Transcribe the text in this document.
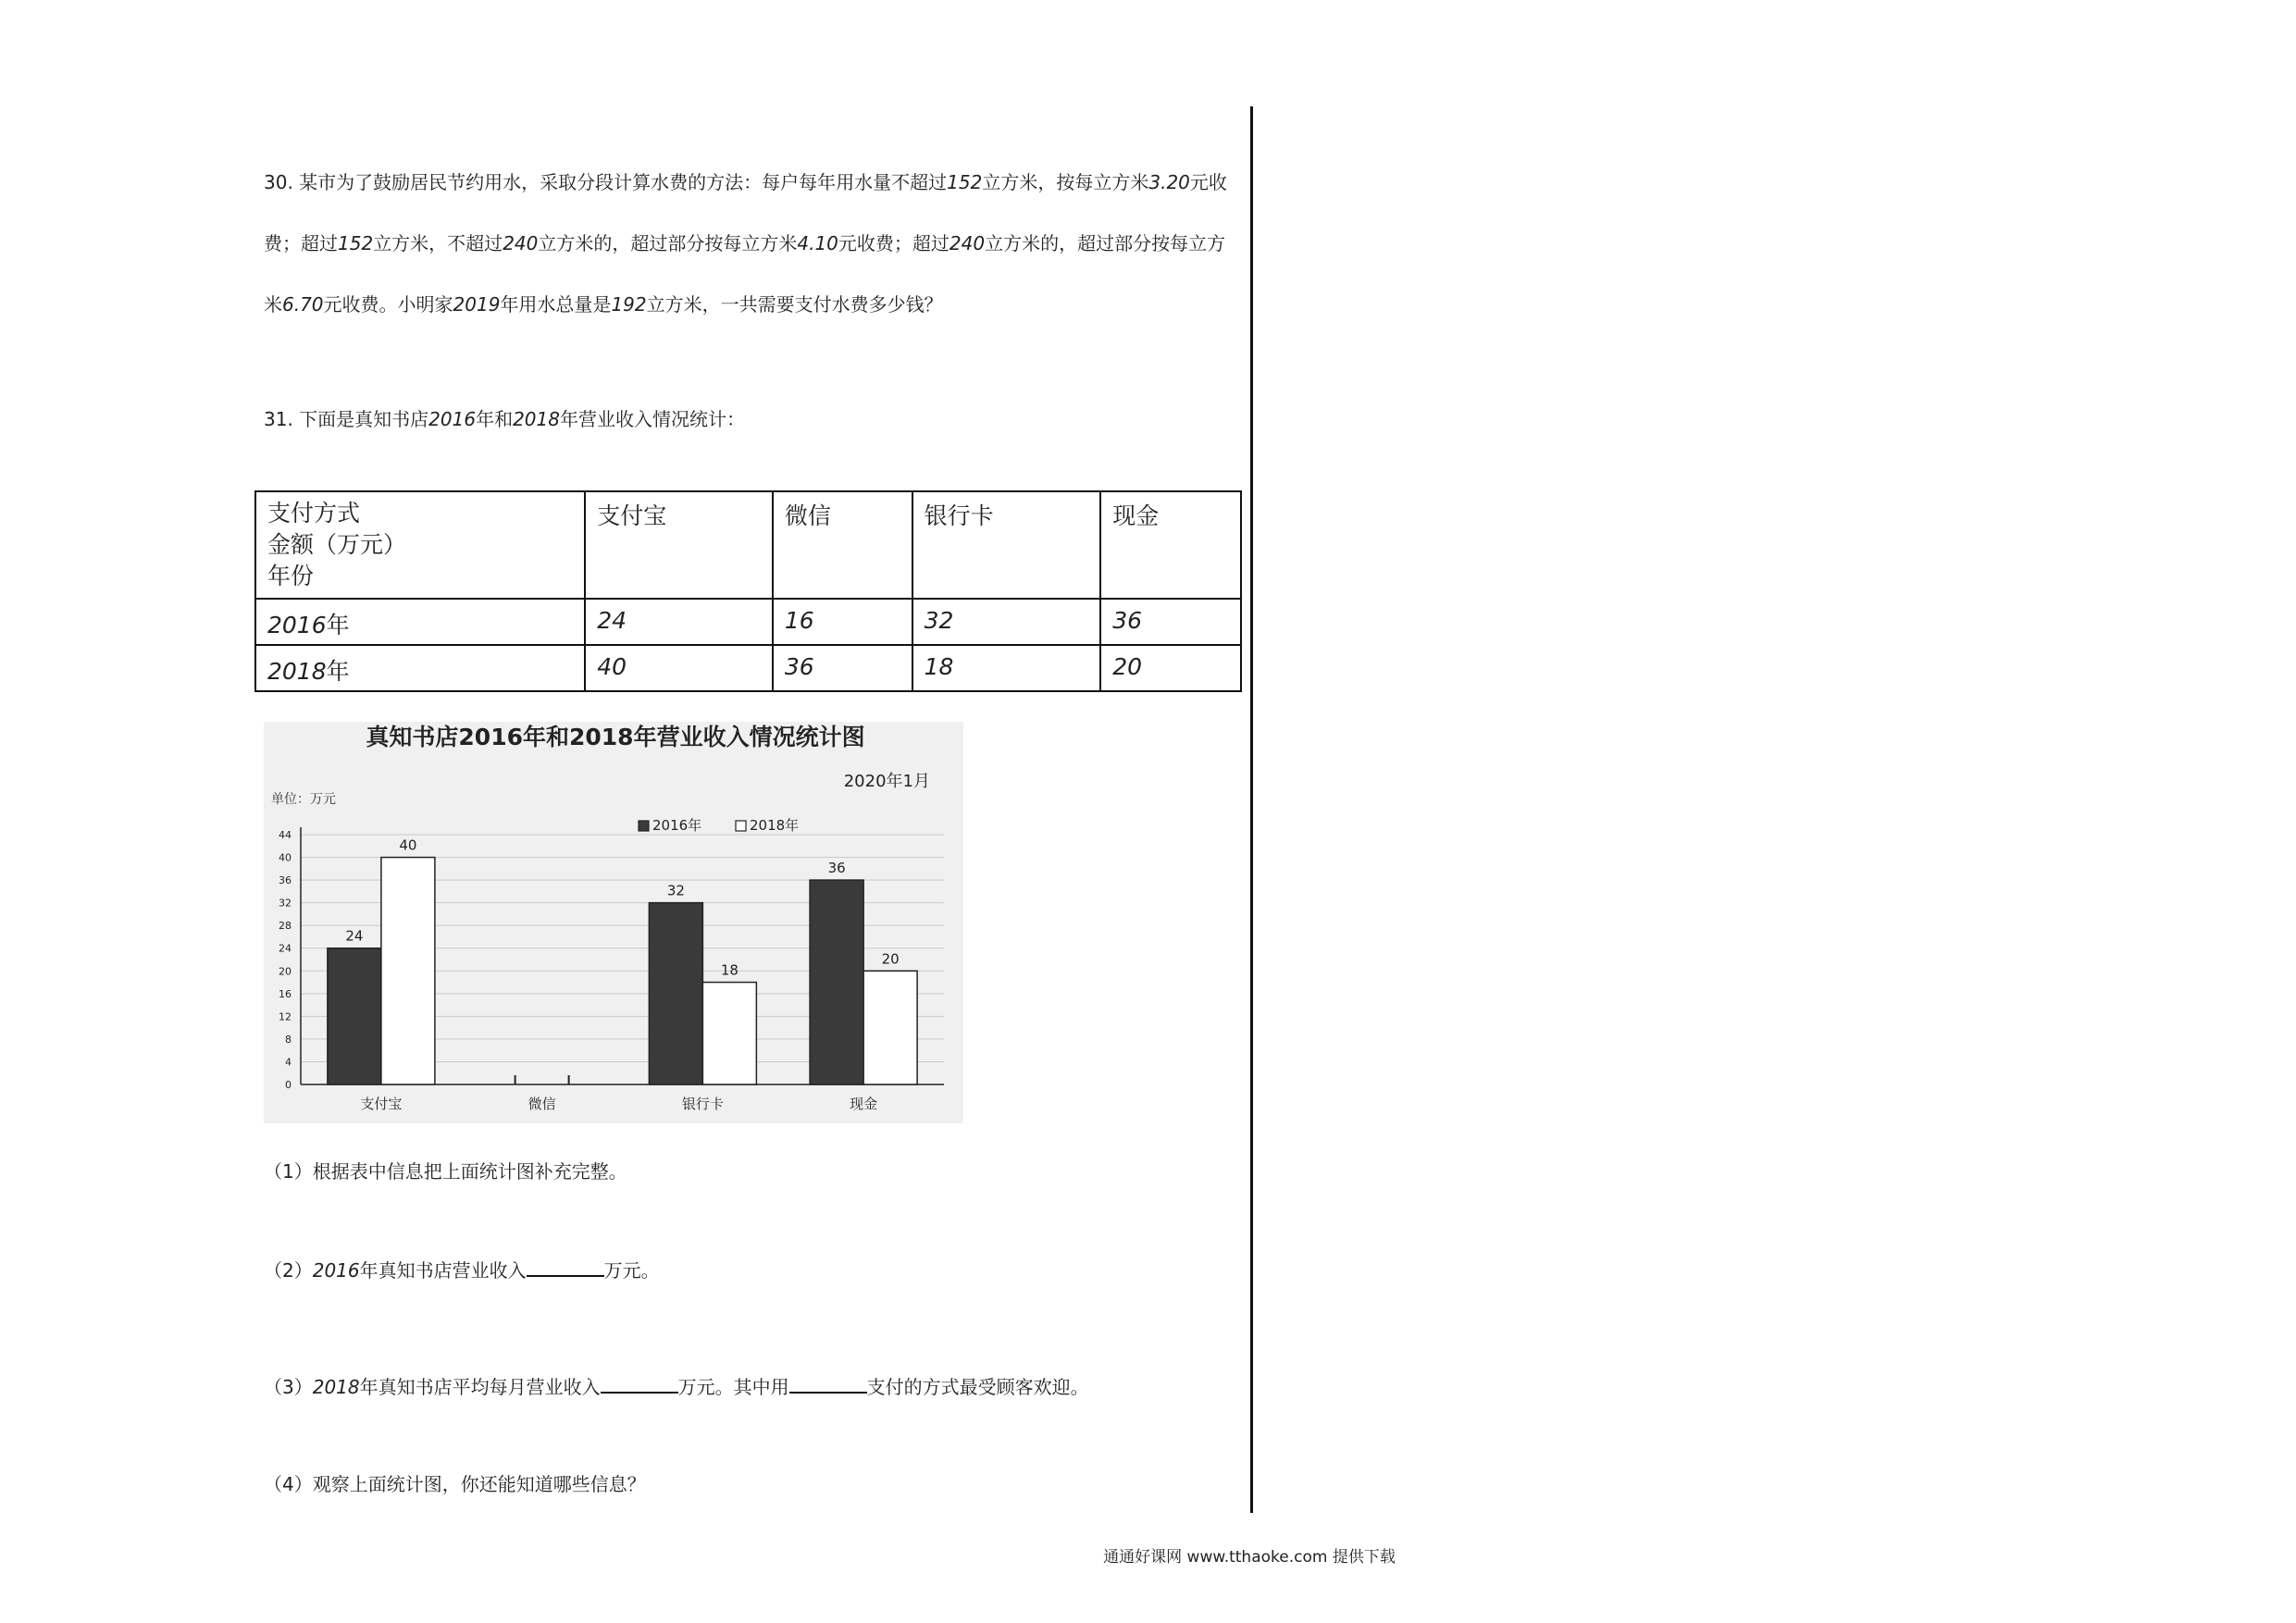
30. 某市为了鼓励居民节约用水，采取分段计算水费的方法：每户每年用水量不超过152立方米，按每立方米3.20元收费；超过152立方米，不超过240立方米的，超过部分按每立方米4.10元收费；超过240立方米的，超过部分按每立方米6.70元收费。小明家2019年用水总量是192立方米，一共需要支付水费多少钱？
31. 下面是真知书店2016年和2018年营业收入情况统计：
支付方式
金额（万元）
年份	支付宝	微信	银行卡	现金
2016年	24	16	32	36
2018年	40	36	18	20
真知书店2016年和2018年营业收入情况统计图
2020年1月
单位：万元
0
4
8
12
16
20
24
28
32
36
40
44
24
40
32
18
36
20
2016年	2018年
支付宝	微信	银行卡	现金
（1）根据表中信息把上面统计图补充完整。
（2）2016年真知书店营业收入	万元。
（3）2018年真知书店平均每月营业收入	万元。其中用	支付的方式最受顾客欢迎。
（4）观察上面统计图，你还能知道哪些信息？
通通好课网 www.tthaoke.com 提供下载
